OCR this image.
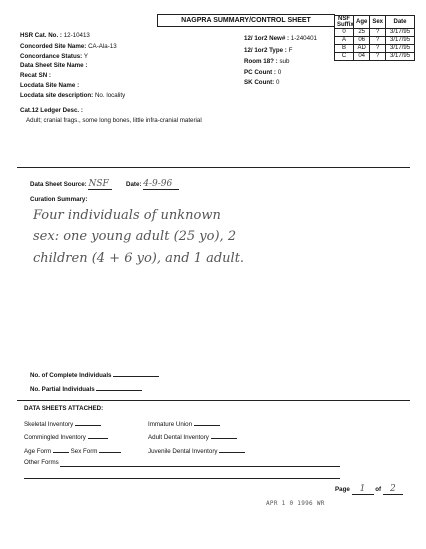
NAGPRA SUMMARY/CONTROL SHEET	NSF Suffix	Age	Sex	Date
0	25	?	3/17/95
A	06	?	3/17/95
B	AD	?	3/17/95
C	04	?	3/17/95
HSR Cat. No. : 12-10413
Concorded Site Name: CA-Ala-13
Concordance Status: Y
Data Sheet Site Name :
Recat SN :
Locdata Site Name :
Locdata site description: No. locality
12/ 1or2 New# : 1-240401
12/ 1or2 Type : F
Room 18? : sub
PC Count : 0
SK Count: 0
Cat.12 Ledger Desc. :
Adult; cranial frags., some long bones, little infra-cranial material
Data Sheet Source: NSF	Date: 4-9-96
Curation Summary:
Four individuals of unknown
sex: one young adult (25 yo), 2
children (4 + 6 yo), and 1 adult.
No. of Complete Individuals
No. Partial Individuals
DATA SHEETS ATTACHED:
Skeletal Inventory	Immature Union
Commingled Inventory	Adult Dental Inventory
Age Form	Sex Form	Juvenile Dental Inventory
Other Forms
Page 1 of 2
APR 1 0 1996 WR
